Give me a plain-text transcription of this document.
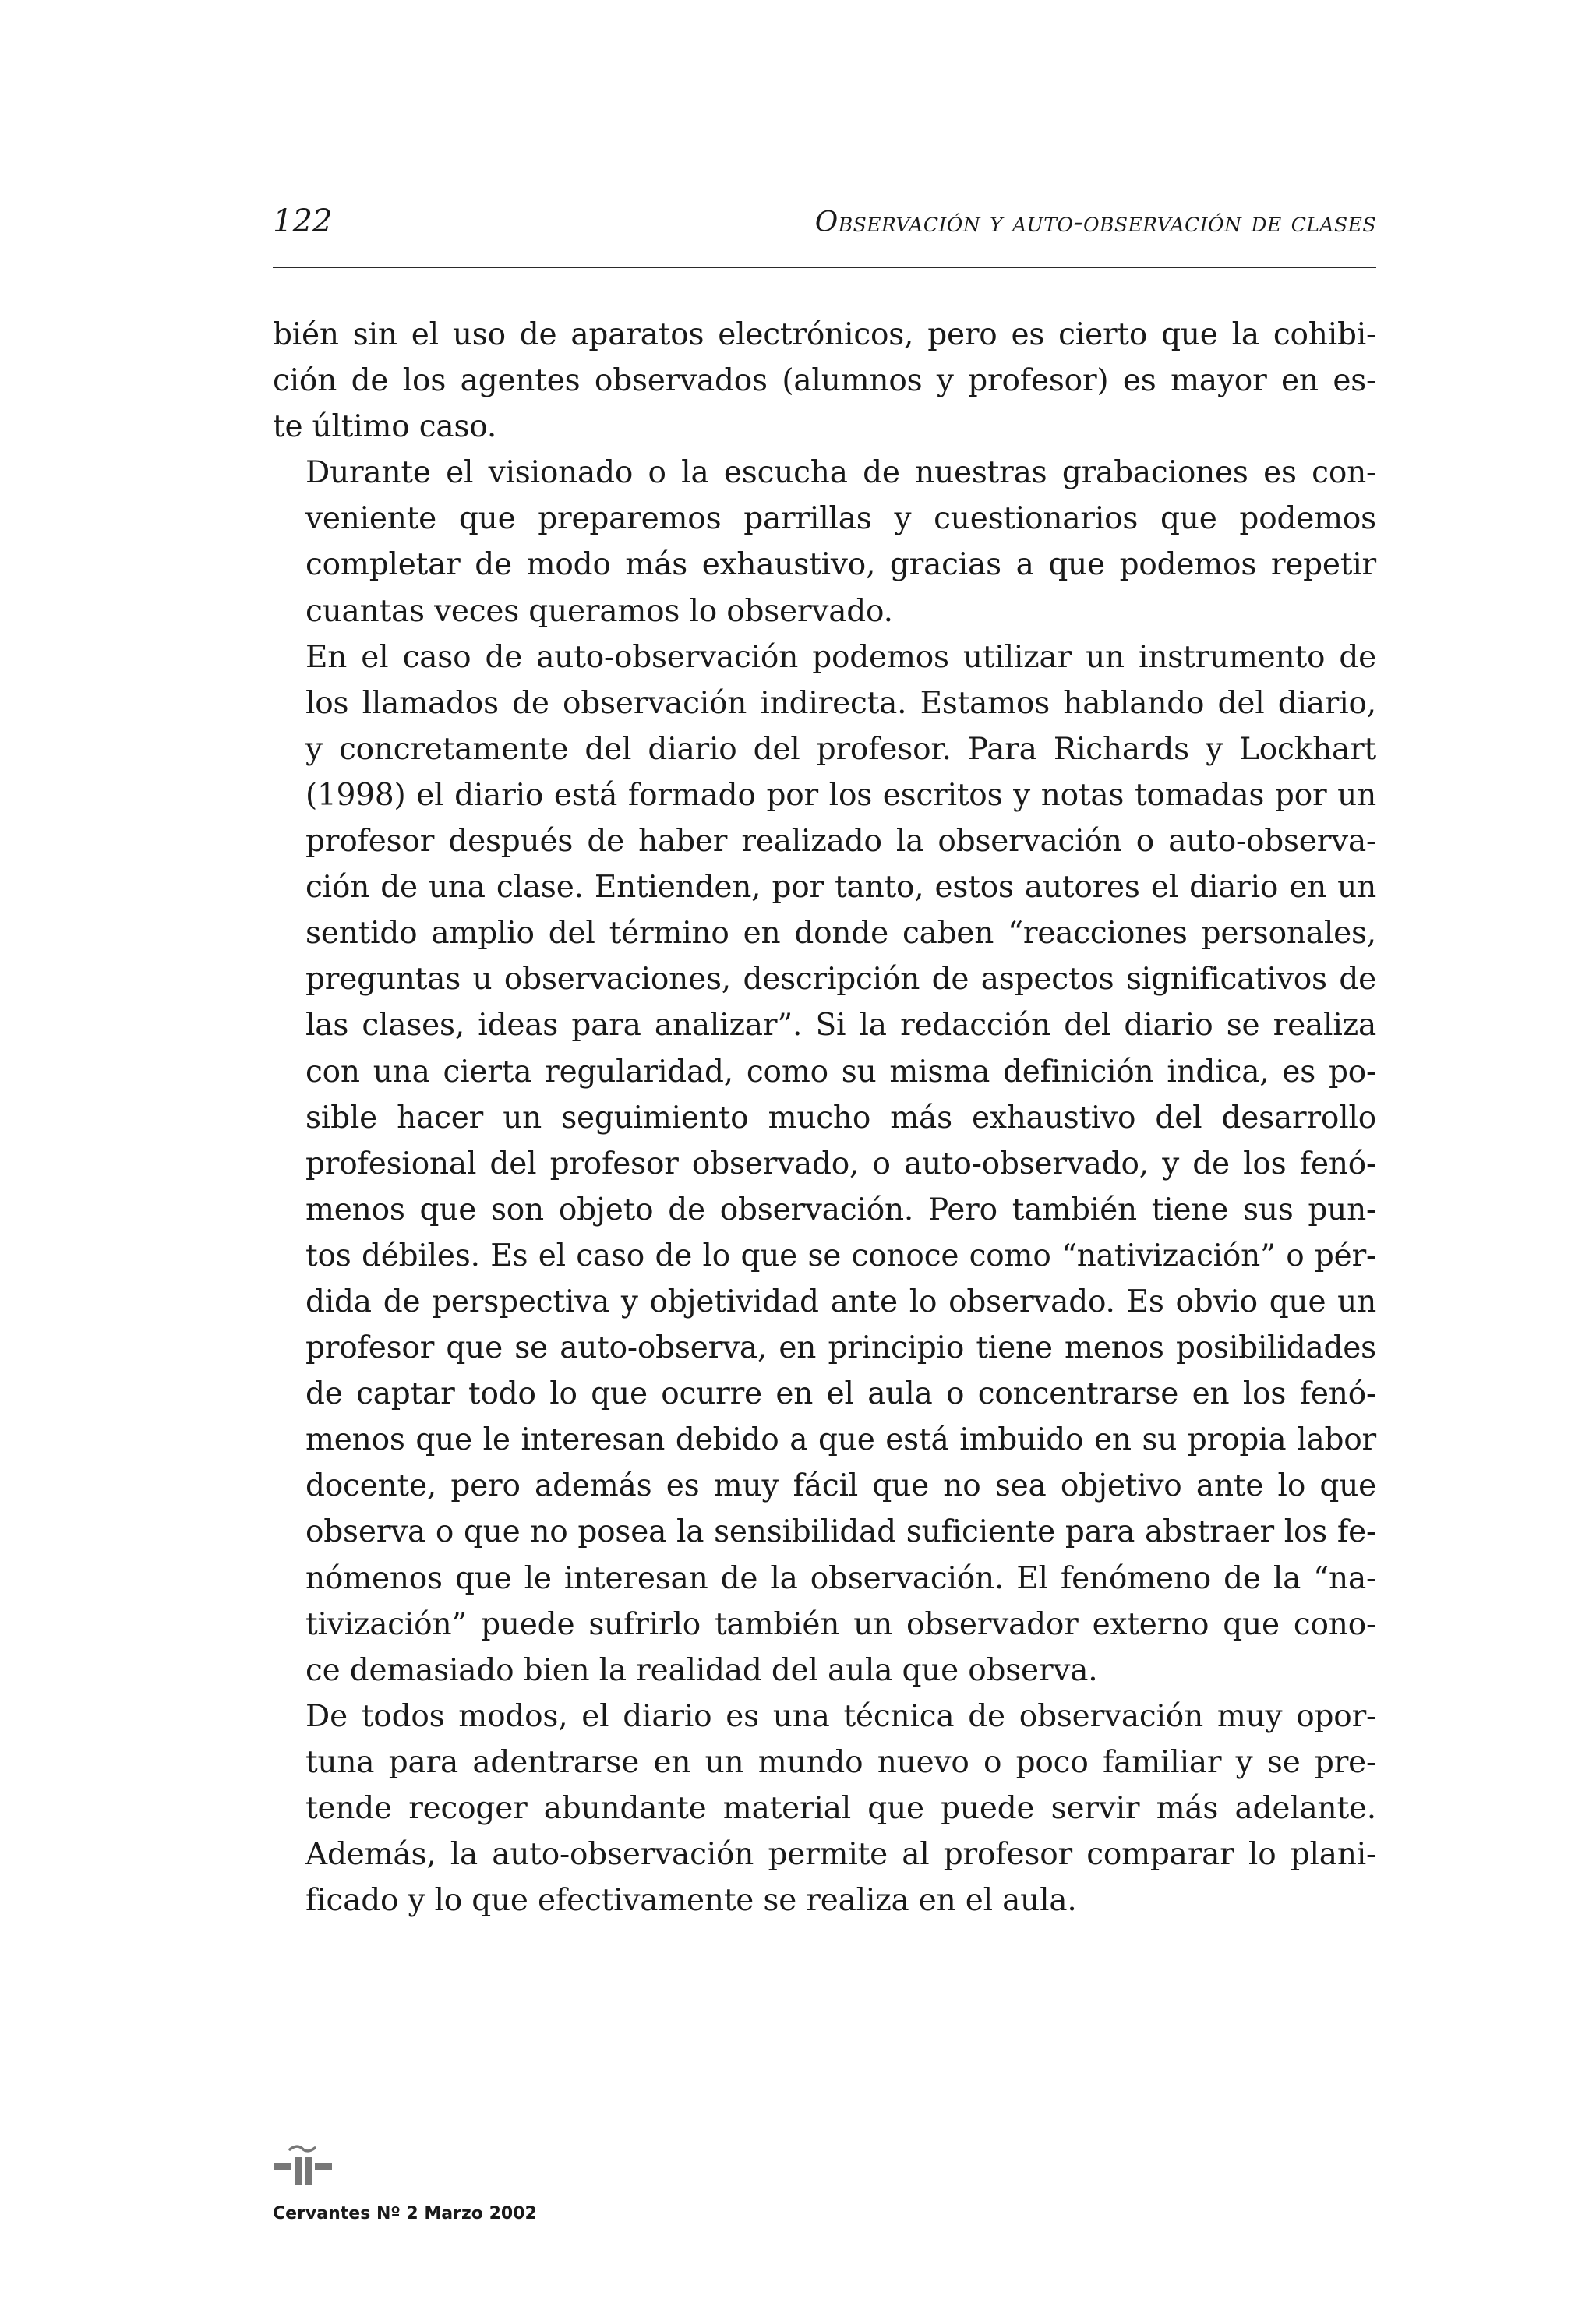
122	Observación y auto-observación de clases

bién sin el uso de aparatos electrónicos, pero es cierto que la cohibi-
ción de los agentes observados (alumnos y profesor) es mayor en es-
te último caso.

Durante el visionado o la escucha de nuestras grabaciones es con-
veniente que preparemos parrillas y cuestionarios que podemos
completar de modo más exhaustivo, gracias a que podemos repetir
cuantas veces queramos lo observado.

En el caso de auto-observación podemos utilizar un instrumento de
los llamados de observación indirecta. Estamos hablando del diario,
y concretamente del diario del profesor. Para Richards y Lockhart
(1998) el diario está formado por los escritos y notas tomadas por un
profesor después de haber realizado la observación o auto-observa-
ción de una clase. Entienden, por tanto, estos autores el diario en un
sentido amplio del término en donde caben “reacciones personales,
preguntas u observaciones, descripción de aspectos significativos de
las clases, ideas para analizar”. Si la redacción del diario se realiza
con una cierta regularidad, como su misma definición indica, es po-
sible hacer un seguimiento mucho más exhaustivo del desarrollo
profesional del profesor observado, o auto-observado, y de los fenó-
menos que son objeto de observación. Pero también tiene sus pun-
tos débiles. Es el caso de lo que se conoce como “nativización” o pér-
dida de perspectiva y objetividad ante lo observado. Es obvio que un
profesor que se auto-observa, en principio tiene menos posibilidades
de captar todo lo que ocurre en el aula o concentrarse en los fenó-
menos que le interesan debido a que está imbuido en su propia labor
docente, pero además es muy fácil que no sea objetivo ante lo que
observa o que no posea la sensibilidad suficiente para abstraer los fe-
nómenos que le interesan de la observación. El fenómeno de la “na-
tivización” puede sufrirlo también un observador externo que cono-
ce demasiado bien la realidad del aula que observa.

De todos modos, el diario es una técnica de observación muy opor-
tuna para adentrarse en un mundo nuevo o poco familiar y se pre-
tende recoger abundante material que puede servir más adelante.
Además, la auto-observación permite al profesor comparar lo plani-
ficado y lo que efectivamente se realiza en el aula.

Cervantes Nº 2 Marzo 2002
